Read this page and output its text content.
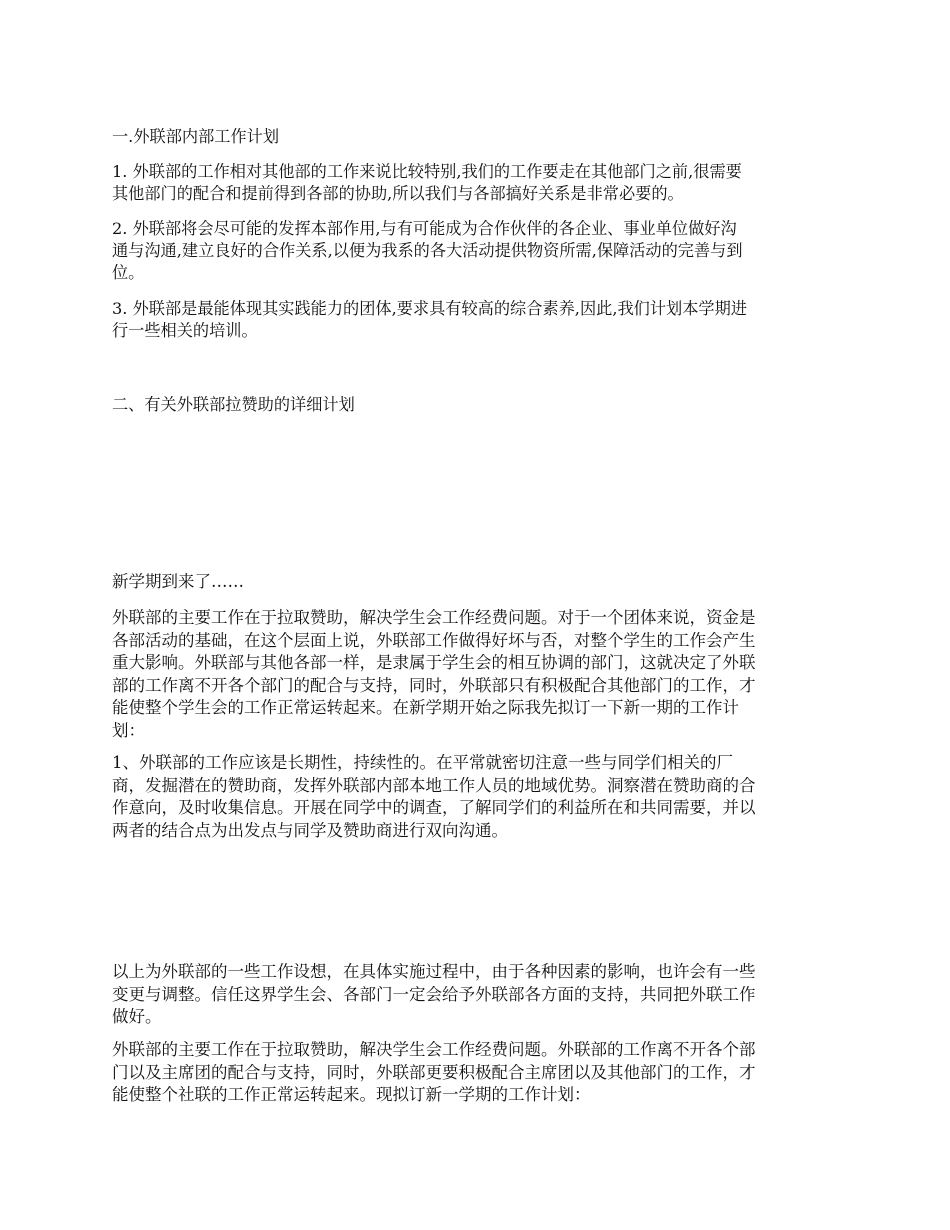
一.外联部内部工作计划

1. 外联部的工作相对其他部的工作来说比较特别,我们的工作要走在其他部门之前,很需要
其他部门的配合和提前得到各部的协助,所以我们与各部搞好关系是非常必要的。

2. 外联部将会尽可能的发挥本部作用,与有可能成为合作伙伴的各企业、事业单位做好沟
通与沟通,建立良好的合作关系,以便为我系的各大活动提供物资所需,保障活动的完善与到
位。

3. 外联部是最能体现其实践能力的团体,要求具有较高的综合素养,因此,我们计划本学期进
行一些相关的培训。

二、有关外联部拉赞助的详细计划

新学期到来了……

外联部的主要工作在于拉取赞助，解决学生会工作经费问题。对于一个团体来说，资金是
各部活动的基础，在这个层面上说，外联部工作做得好坏与否，对整个学生的工作会产生
重大影响。外联部与其他各部一样，是隶属于学生会的相互协调的部门，这就决定了外联
部的工作离不开各个部门的配合与支持，同时，外联部只有积极配合其他部门的工作，才
能使整个学生会的工作正常运转起来。在新学期开始之际我先拟订一下新一期的工作计
划：

1、外联部的工作应该是长期性，持续性的。在平常就密切注意一些与同学们相关的厂
商，发掘潜在的赞助商，发挥外联部内部本地工作人员的地域优势。洞察潜在赞助商的合
作意向，及时收集信息。开展在同学中的调查，了解同学们的利益所在和共同需要，并以
两者的结合点为出发点与同学及赞助商进行双向沟通。

以上为外联部的一些工作设想，在具体实施过程中，由于各种因素的影响，也许会有一些
变更与调整。信任这界学生会、各部门一定会给予外联部各方面的支持，共同把外联工作
做好。

外联部的主要工作在于拉取赞助，解决学生会工作经费问题。外联部的工作离不开各个部
门以及主席团的配合与支持，同时，外联部更要积极配合主席团以及其他部门的工作，才
能使整个社联的工作正常运转起来。现拟订新一学期的工作计划：
